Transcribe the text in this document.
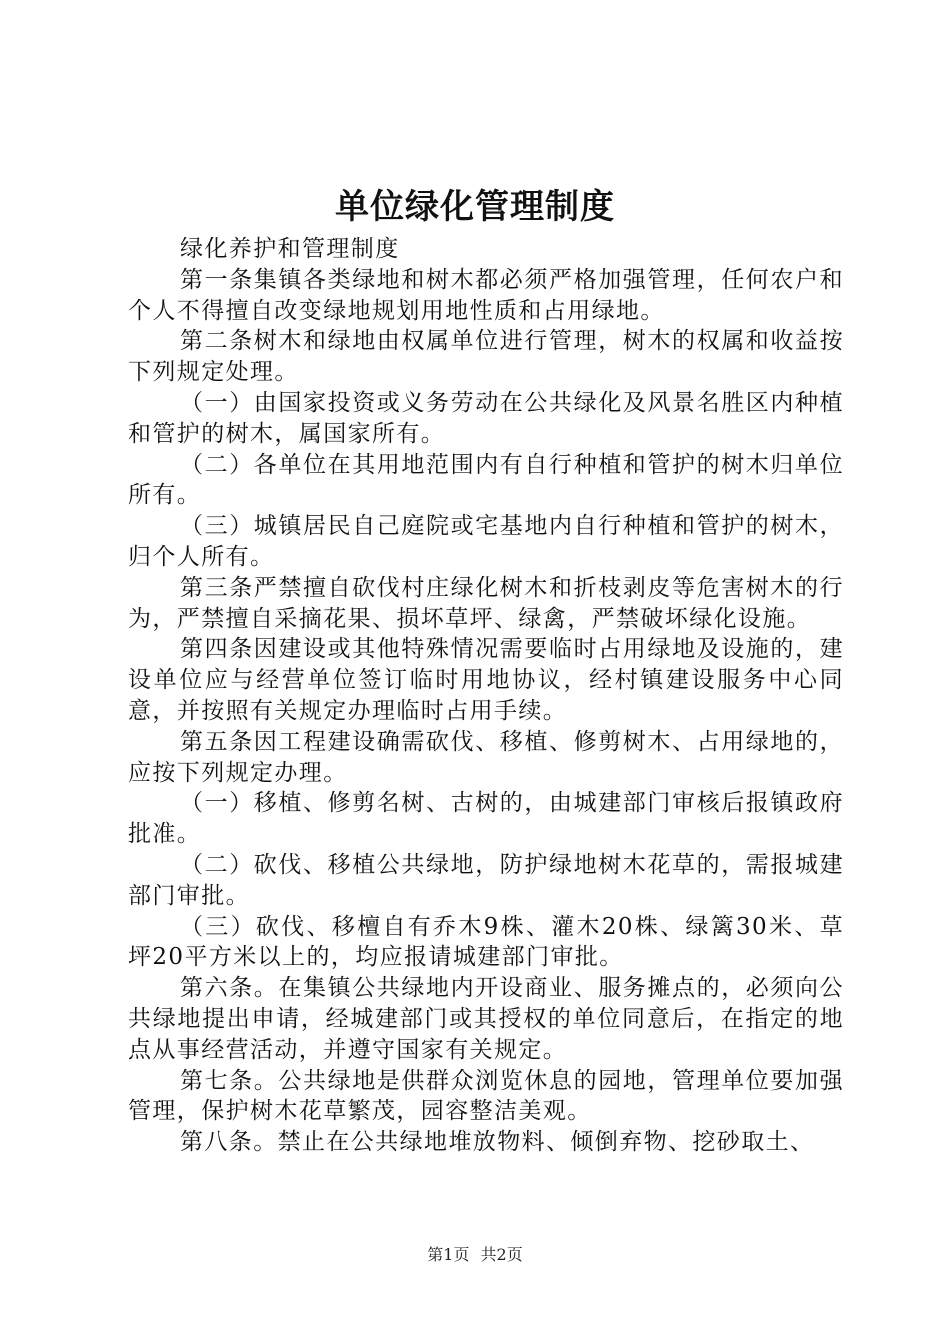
单位绿化管理制度

绿化养护和管理制度

第一条集镇各类绿地和树木都必须严格加强管理，任何农户和个人不得擅自改变绿地规划用地性质和占用绿地。

第二条树木和绿地由权属单位进行管理，树木的权属和收益按下列规定处理。

（一）由国家投资或义务劳动在公共绿化及风景名胜区内种植和管护的树木，属国家所有。

（二）各单位在其用地范围内有自行种植和管护的树木归单位所有。

（三）城镇居民自己庭院或宅基地内自行种植和管护的树木，归个人所有。

第三条严禁擅自砍伐村庄绿化树木和折枝剥皮等危害树木的行为，严禁擅自采摘花果、损坏草坪、绿禽，严禁破坏绿化设施。

第四条因建设或其他特殊情况需要临时占用绿地及设施的，建设单位应与经营单位签订临时用地协议，经村镇建设服务中心同意，并按照有关规定办理临时占用手续。

第五条因工程建设确需砍伐、移植、修剪树木、占用绿地的，应按下列规定办理。

（一）移植、修剪名树、古树的，由城建部门审核后报镇政府批准。

（二）砍伐、移植公共绿地，防护绿地树木花草的，需报城建部门审批。

（三）砍伐、移檀自有乔木9株、灌木20株、绿篱30米、草坪20平方米以上的，均应报请城建部门审批。

第六条。在集镇公共绿地内开设商业、服务摊点的，必须向公共绿地提出申请，经城建部门或其授权的单位同意后，在指定的地点从事经营活动，并遵守国家有关规定。

第七条。公共绿地是供群众浏览休息的园地，管理单位要加强管理，保护树木花草繁茂，园容整洁美观。

第八条。禁止在公共绿地堆放物料、倾倒弃物、挖砂取土、

第1页 共2页
